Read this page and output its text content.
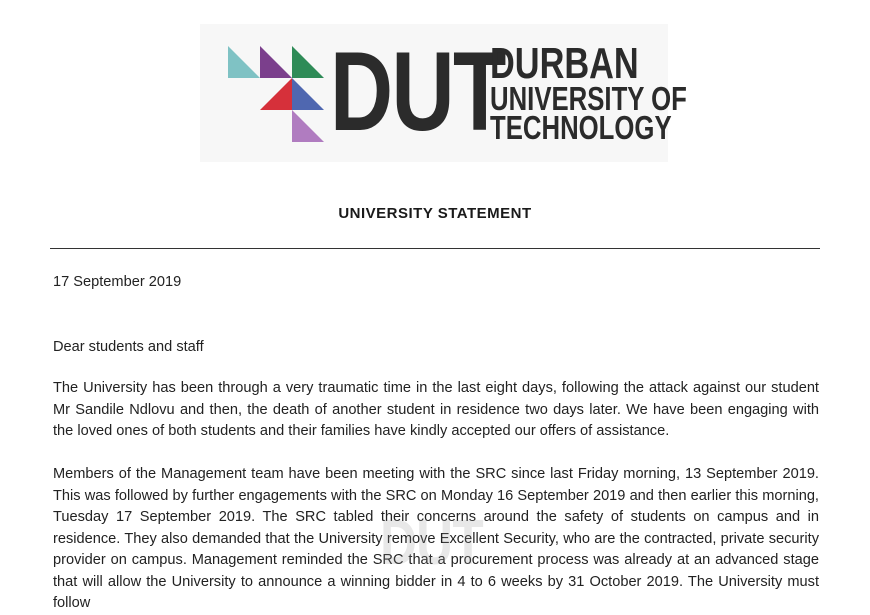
DUT
DURBAN
UNIVERSITY OF
TECHNOLOGY
UNIVERSITY STATEMENT
17 September 2019
Dear students and staff
The University has been through a very traumatic time in the last eight days, following the attack against our student Mr Sandile Ndlovu and then, the death of another student in residence two days later. We have been engaging with the loved ones of both students and their families have kindly accepted our offers of assistance.
Members of the Management team have been meeting with the SRC since last Friday morning, 13 September 2019. This was followed by further engagements with the SRC on Monday 16 September 2019 and then earlier this morning, Tuesday 17 September 2019. The SRC tabled their concerns around the safety of students on campus and in residence. They also demanded that the University remove Excellent Security, who are the contracted, private security provider on campus. Management reminded the SRC that a procurement process was already at an advanced stage that will allow the University to announce a winning bidder in 4 to 6 weeks by 31 October 2019. The University must follow
DUT
